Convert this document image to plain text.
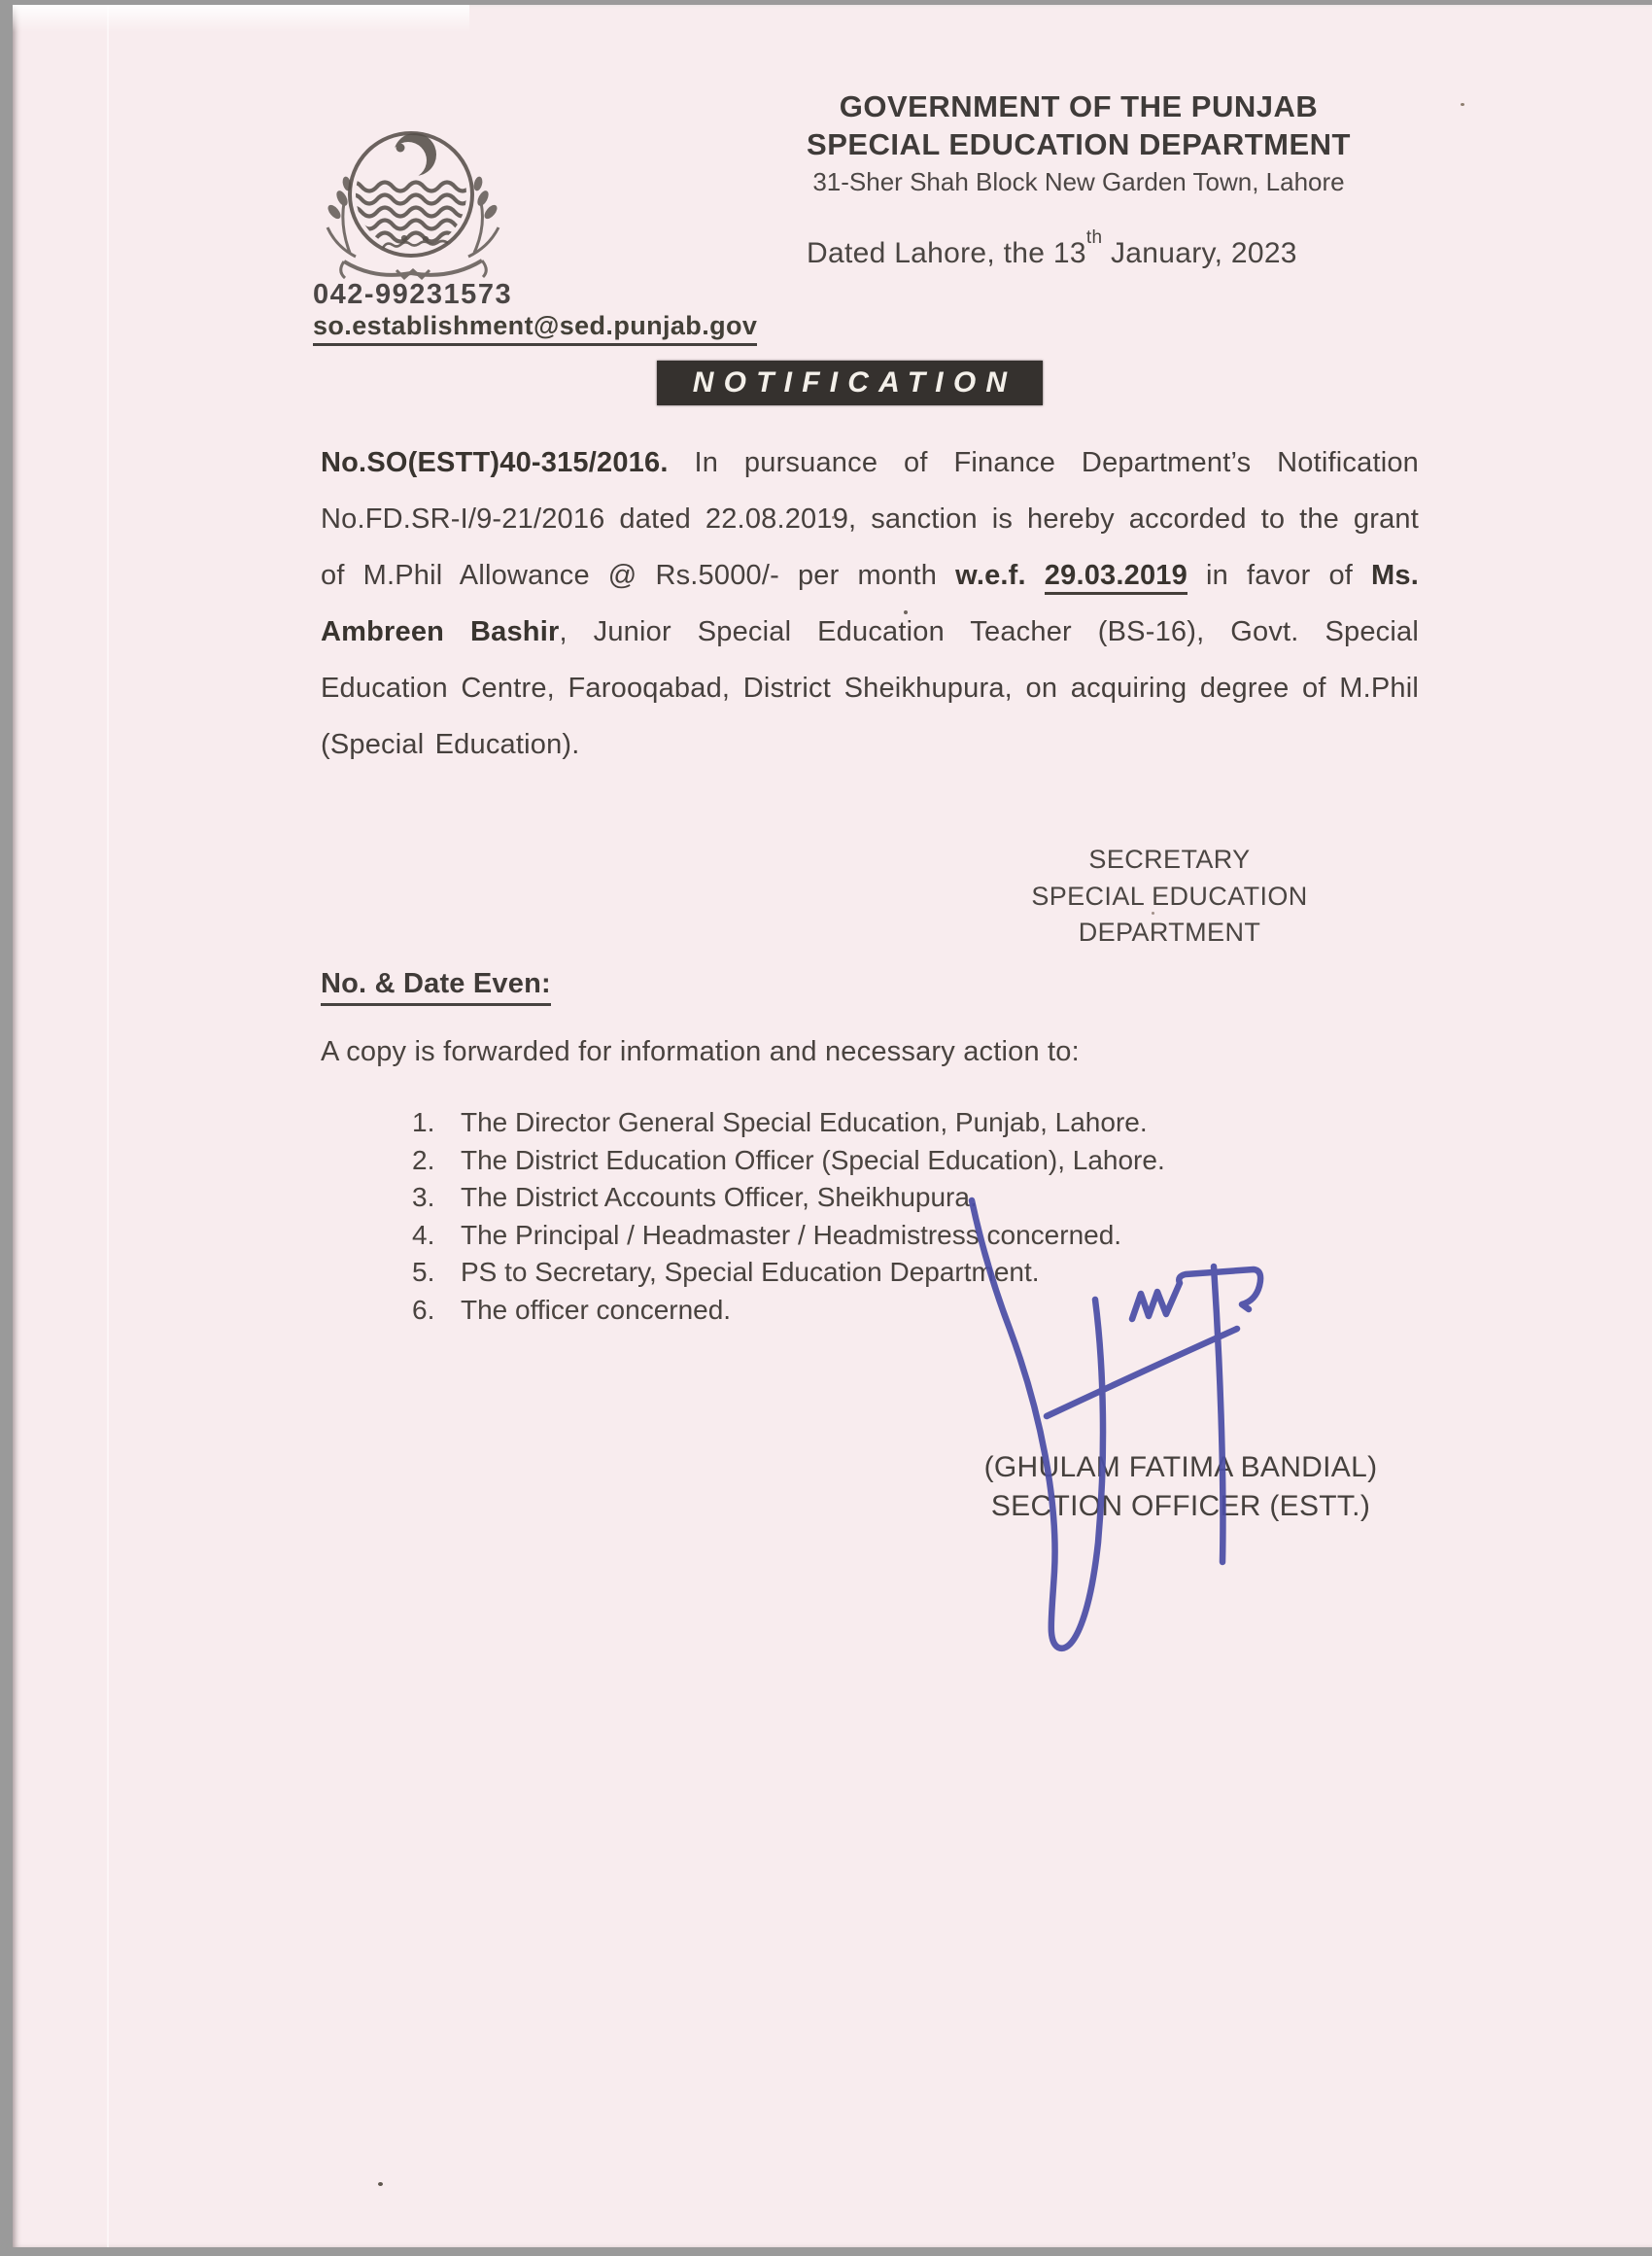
GOVERNMENT OF THE PUNJAB
SPECIAL EDUCATION DEPARTMENT
31-Sher Shah Block New Garden Town, Lahore
Dated Lahore, the 13th January, 2023
042-99231573
so.establishment@sed.punjab.gov
NOTIFICATION

No.SO(ESTT)40-315/2016. In pursuance of Finance Department’s Notification No.FD.SR-I/9-21/2016 dated 22.08.2019, sanction is hereby accorded to the grant of M.Phil Allowance @ Rs.5000/- per month w.e.f. 29.03.2019 in favor of Ms. Ambreen Bashir, Junior Special Education Teacher (BS-16), Govt. Special Education Centre, Farooqabad, District Sheikhupura, on acquiring degree of M.Phil (Special Education).

SECRETARY
SPECIAL EDUCATION
DEPARTMENT
No. & Date Even:
A copy is forwarded for information and necessary action to:
The Director General Special Education, Punjab, Lahore.
The District Education Officer (Special Education), Lahore.
The District Accounts Officer, Sheikhupura.
The Principal / Headmaster / Headmistress concerned.
PS to Secretary, Special Education Department.
The officer concerned.
(GHULAM FATIMA BANDIAL)
SECTION OFFICER (ESTT.)
